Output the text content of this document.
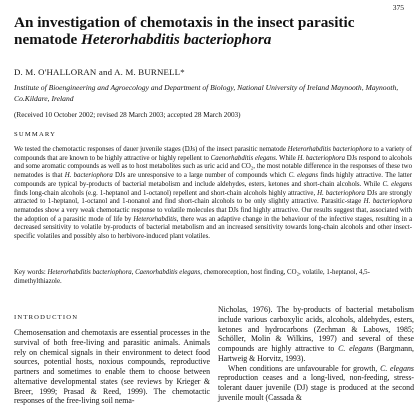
375
An investigation of chemotaxis in the insect parasitic nematode Heterorhabditis bacteriophora
D. M. O'HALLORAN and A. M. BURNELL*
Institute of Bioengineering and Agroecology and Department of Biology, National University of Ireland Maynooth, Maynooth, Co.Kildare, Ireland
(Received 10 October 2002; revised 28 March 2003; accepted 28 March 2003)
SUMMARY

We tested the chemotactic responses of dauer juvenile stages (DJs) of the insect parasitic nematode Heterorhabditis bacteriophora to a variety of compounds that are known to be highly attractive or highly repellent to Caenorhabditis elegans. While H. bacteriophora DJs respond to alcohols and some aromatic compounds as well as to host metabolites such as uric acid and CO₂, the most notable difference in the responses of these two nematodes is that H. bacteriophora DJs are unresponsive to a large number of compounds which C. elegans finds highly attractive. The latter compounds are typical by-products of bacterial metabolism and include aldehydes, esters, ketones and short-chain alcohols. While C. elegans finds long-chain alcohols (e.g. 1-heptanol and 1-octanol) repellent and short-chain alcohols highly attractive, H. bacteriophora DJs are strongly attracted to 1-heptanol, 1-octanol and 1-nonanol and find short-chain alcohols to be only slightly attractive. Parasitic-stage H. bacteriophora nematodes show a very weak chemotactic response to volatile molecules that DJs find highly attractive. Our results suggest that, associated with the adoption of a parasitic mode of life by Heterorhabditis, there was an adaptive change in the behaviour of the infective stages, resulting in a decreased sensitivity to volatile by-products of bacterial metabolism and an increased sensitivity towards long-chain alcohols and other insect-specific volatiles and possibly also to herbivore-induced plant volatiles.

Key words: Heterorhabditis bacteriophora, Caenorhabditis elegans, chemoreception, host finding, CO₂, volatile, 1-heptanol, 4,5-dimethylthiazole.

INTRODUCTION

Chemosensation and chemotaxis are essential processes in the survival of both free-living and parasitic animals. Animals rely on chemical signals in their environment to detect food sources, potential hosts, noxious compounds, reproductive partners and sometimes to enable them to choose between alternative developmental states (see reviews by Krieger & Breer, 1999; Prasad & Reed, 1999). The chemotactic responses of the free-living soil nema-

Nicholas, 1976). The by-products of bacterial metabolism include various carboxylic acids, alcohols, aldehydes, esters, ketones and hydrocarbons (Zechman & Labows, 1985; Schöller, Molin & Wilkins, 1997) and several of these compounds are highly attractive to C. elegans (Bargmann, Hartweig & Horvitz, 1993).

When conditions are unfavourable for growth, C. elegans reproduction ceases and a long-lived, non-feeding, stress-tolerant dauer juvenile (DJ) stage is produced at the second juvenile moult (Cassada &
